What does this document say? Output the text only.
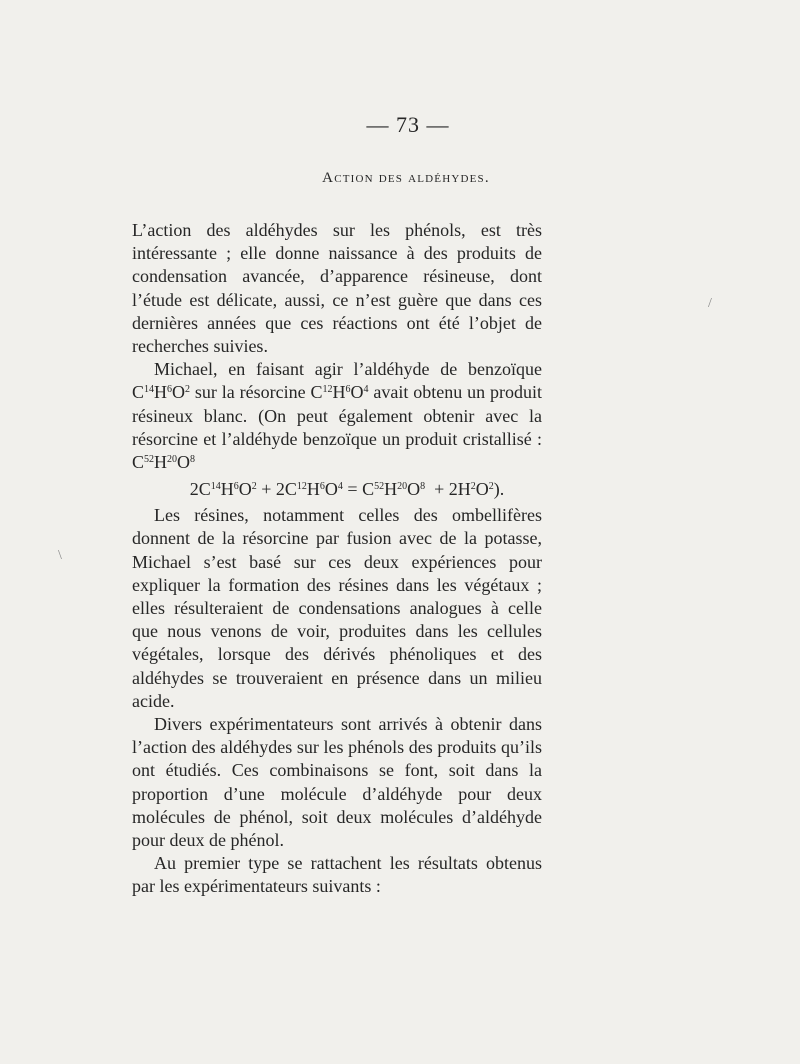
— 73 —
Action des aldéhydes.

L’action des aldéhydes sur les phénols, est très intéressante ; elle donne naissance à des produits de condensation avancée, d’apparence résineuse, dont l’étude est délicate, aussi, ce n’est guère que dans ces dernières années que ces réactions ont été l’objet de recherches suivies.

Michael, en faisant agir l’aldéhyde de benzoïque $C^{14}H^6O^2$ sur la résorcine $C^{12}H^6O^4$ avait obtenu un produit résineux blanc. (On peut également obtenir avec la résorcine et l’aldéhyde benzoïque un produit cristallisé : $C^{52}H^{20}O^8$

$2C^{14}H^6O^2 + 2C^{12}H^6O^4 = C^{52}H^{20}O^8 + 2H^2O^2$).

Les résines, notamment celles des ombellifères donnent de la résorcine par fusion avec de la potasse, Michael s’est basé sur ces deux expériences pour expliquer la formation des résines dans les végétaux ; elles résulteraient de condensations analogues à celle que nous venons de voir, produites dans les cellules végétales, lorsque des dérivés phénoliques et des aldéhydes se trouveraient en présence dans un milieu acide.

Divers expérimentateurs sont arrivés à obtenir dans l’action des aldéhydes sur les phénols des produits qu’ils ont étudiés. Ces combinaisons se font, soit dans la proportion d’une molécule d’aldéhyde pour deux molécules de phénol, soit deux molécules d’aldéhyde pour deux de phénol.

Au premier type se rattachent les résultats obtenus par les expérimentateurs suivants :

\
/
